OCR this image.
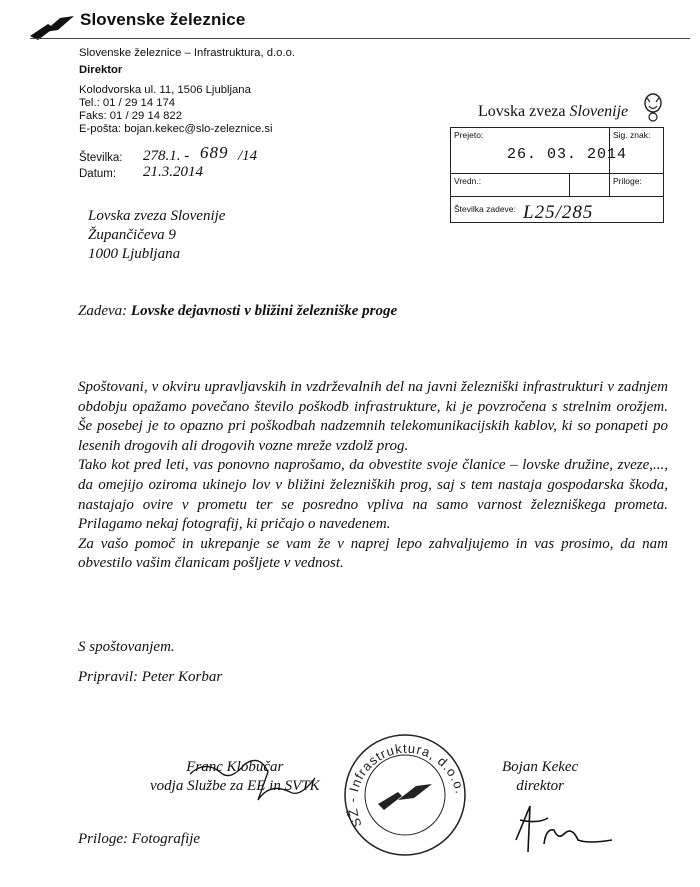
Slovenske železnice
Slovenske železnice – Infrastruktura, d.o.o.
Direktor
Kolodvorska ul. 11, 1506 Ljubljana
Tel.: 01 / 29 14 174
Faks: 01 / 29 14 822
E-pošta: bojan.kekec@slo-zeleznice.si
Številka: 278.1. - 689 /14
Datum: 21.3.2014
Lovska zveza Slovenije
Prejeto:
26. 03. 2014
Sig. znak:
Vredn.:	Priloge:
Številka zadeve: L25/285
Lovska zveza Slovenije
Župančičeva 9
1000 Ljubljana
Zadeva: Lovske dejavnosti v bližini železniške proge

Spoštovani, v okviru upravljavskih in vzdrževalnih del na javni železniški infrastrukturi v zadnjem obdobju opažamo povečano število poškodb infrastrukture, ki je povzročena s strelnim orožjem. Še posebej je to opazno pri poškodbah nadzemnih telekomunikacijskih kablov, ki so ponapeti po lesenih drogovih ali drogovih vozne mreže vzdolž prog.

Tako kot pred leti, vas ponovno naprošamo, da obvestite svoje članice – lovske družine, zveze,..., da omejijo oziroma ukinejo lov v bližini železniških prog, saj s tem nastaja gospodarska škoda, nastajajo ovire v prometu ter se posredno vpliva na samo varnost železniškega prometa. Prilagamo nekaj fotografij, ki pričajo o navedenem.

Za vašo pomoč in ukrepanje se vam že v naprej lepo zahvaljujemo in vas prosimo, da nam obvestilo vašim članicam pošljete v vednost.

S spoštovanjem.
Pripravil: Peter Korbar
Franc Klobučar
vodja Službe za EE in SVTK
SŽ - Infrastruktura, d.o.o.
Bojan Kekec
direktor
Priloge: Fotografije
